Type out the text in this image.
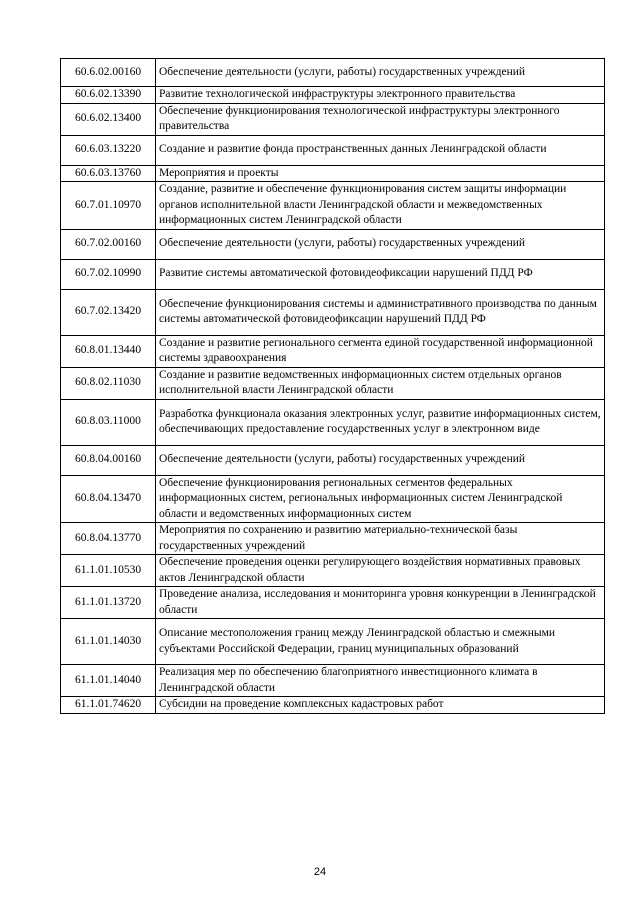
60.6.02.00160	Обеспечение деятельности (услуги, работы) государственных учреждений
60.6.02.13390	Развитие технологической инфраструктуры электронного правительства
60.6.02.13400	Обеспечение функционирования технологической инфраструктуры электронного правительства
60.6.03.13220	Создание и развитие фонда пространственных данных Ленинградской области
60.6.03.13760	Мероприятия и проекты
60.7.01.10970	Создание, развитие и обеспечение функционирования систем защиты информации органов исполнительной власти Ленинградской области и межведомственных информационных систем Ленинградской области
60.7.02.00160	Обеспечение деятельности (услуги, работы) государственных учреждений
60.7.02.10990	Развитие системы автоматической фотовидеофиксации нарушений ПДД РФ
60.7.02.13420	Обеспечение функционирования системы и административного производства по данным системы автоматической фотовидеофиксации нарушений ПДД РФ
60.8.01.13440	Создание и развитие регионального сегмента единой государственной информационной системы здравоохранения
60.8.02.11030	Создание и развитие ведомственных информационных систем отдельных органов исполнительной власти Ленинградской области
60.8.03.11000	Разработка функционала оказания электронных услуг, развитие информационных систем, обеспечивающих предоставление государственных услуг в электронном виде
60.8.04.00160	Обеспечение деятельности (услуги, работы) государственных учреждений
60.8.04.13470	Обеспечение функционирования региональных сегментов федеральных информационных систем, региональных информационных систем Ленинградской области и ведомственных информационных систем
60.8.04.13770	Мероприятия по сохранению и развитию материально-технической базы государственных учреждений
61.1.01.10530	Обеспечение проведения оценки регулирующего воздействия нормативных правовых актов Ленинградской области
61.1.01.13720	Проведение анализа, исследования и мониторинга уровня конкуренции в Ленинградской области
61.1.01.14030	Описание местоположения границ между Ленинградской областью и смежными субъектами Российской Федерации, границ муниципальных образований
61.1.01.14040	Реализация мер по обеспечению благоприятного инвестиционного климата в Ленинградской области
61.1.01.74620	Субсидии на проведение комплексных кадастровых работ
24
